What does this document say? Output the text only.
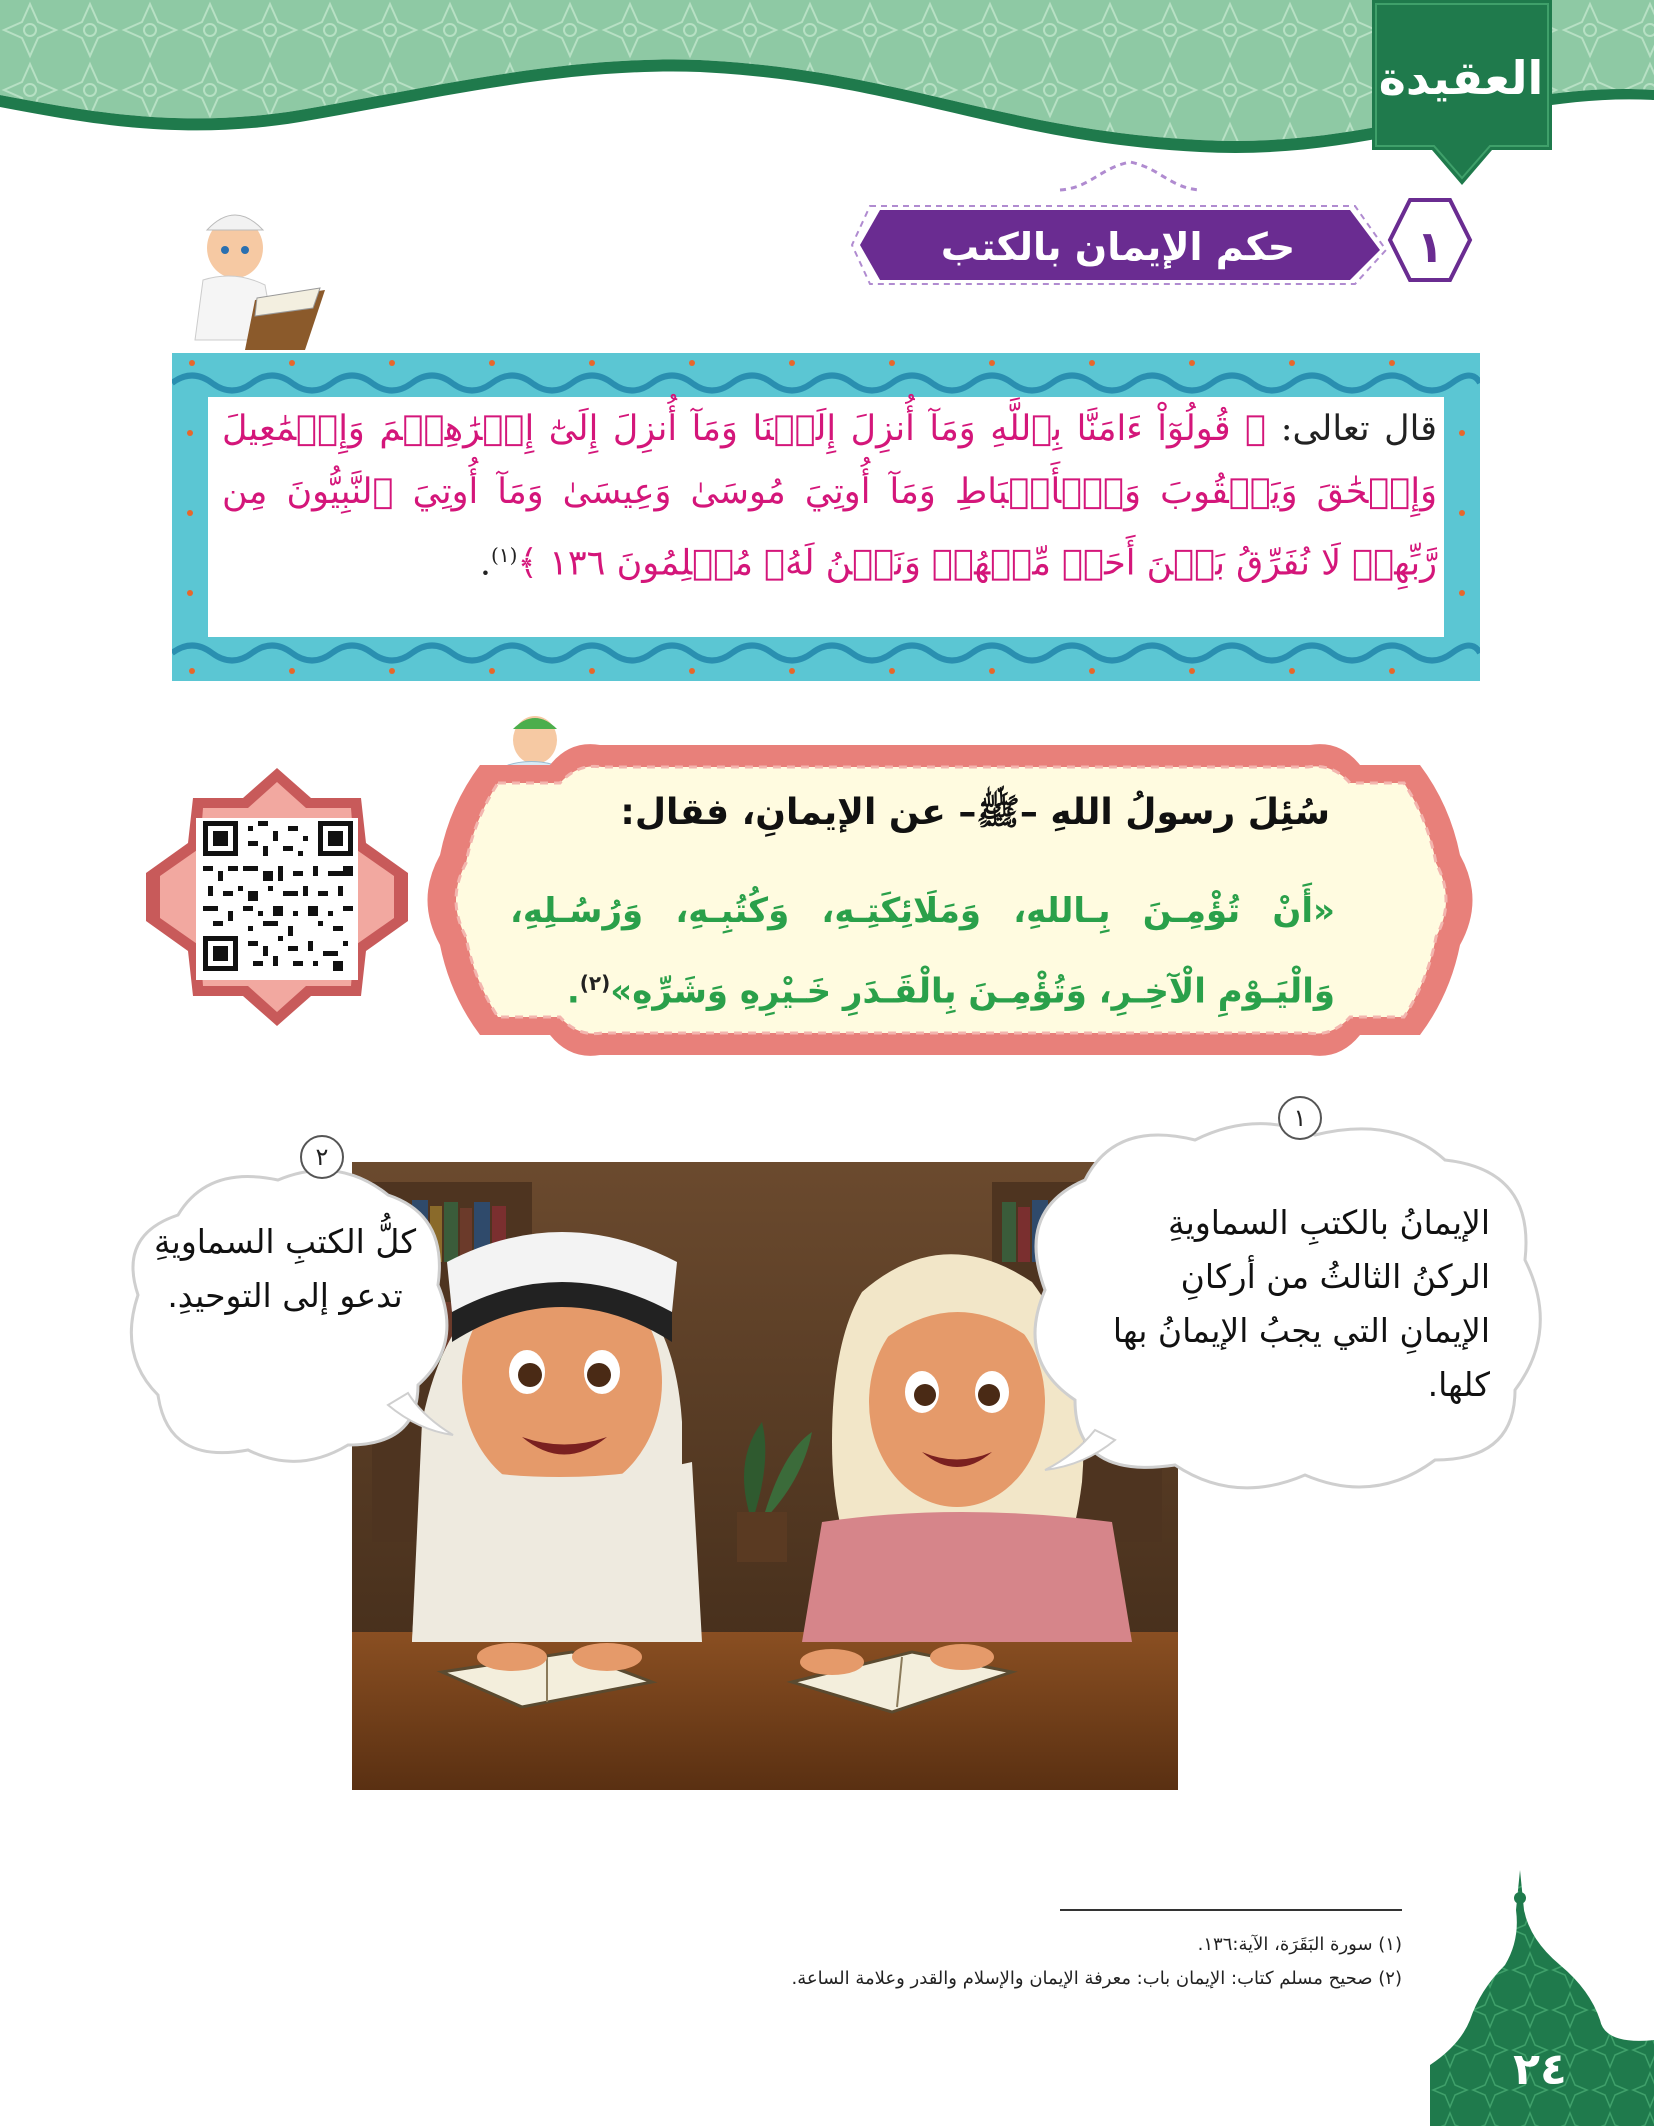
العقيدة
١
حكم الإيمان بالكتب السماوية.
قال تعالى: ﴿ قُولُوٓاْ ءَامَنَّا بِٱللَّهِ وَمَآ أُنزِلَ إِلَيۡنَا وَمَآ أُنزِلَ إِلَىٰٓ إِبۡرَٰهِـۧمَ وَإِسۡمَٰعِيلَ وَإِسۡحَٰقَ وَيَعۡقُوبَ وَٱلۡأَسۡبَاطِ وَمَآ أُوتِيَ مُوسَىٰ وَعِيسَىٰ وَمَآ أُوتِيَ ٱلنَّبِيُّونَ مِن رَّبِّهِمۡ لَا نُفَرِّقُ بَيۡنَ أَحَدٖ مِّنۡهُمۡ وَنَحۡنُ لَهُۥ مُسۡلِمُونَ ١٣٦ ﴾$^{(١)}$.
سُئِلَ رسولُ اللهِ –ﷺ– عن الإيمانِ، فقال:
«أَنْ تُؤْمِـنَ بِـاللهِ، وَمَلَائِكَتِـهِ، وَكُتُبِـهِ، وَرُسُـلِهِ، وَالْيَـوْمِ الْآخِـرِ، وَتُؤْمِـنَ بِالْقَـدَرِ خَـيْرِهِ وَشَرِّهِ»$^{(٢)}$.
١
الإيمانُ بالكتبِ السماويةِ الركنُ الثالثُ من أركانِ الإيمانِ التي يجبُ الإيمانُ بها كلها.
٢
كلُّ الكتبِ السماويةِ تدعو إلى التوحيدِ.
(١) سورة البَقَرَة، الآية:١٣٦.
(٢) صحيح مسلم كتاب: الإيمان باب: معرفة الإيمان والإسلام والقدر وعلامة الساعة.
٢٤
